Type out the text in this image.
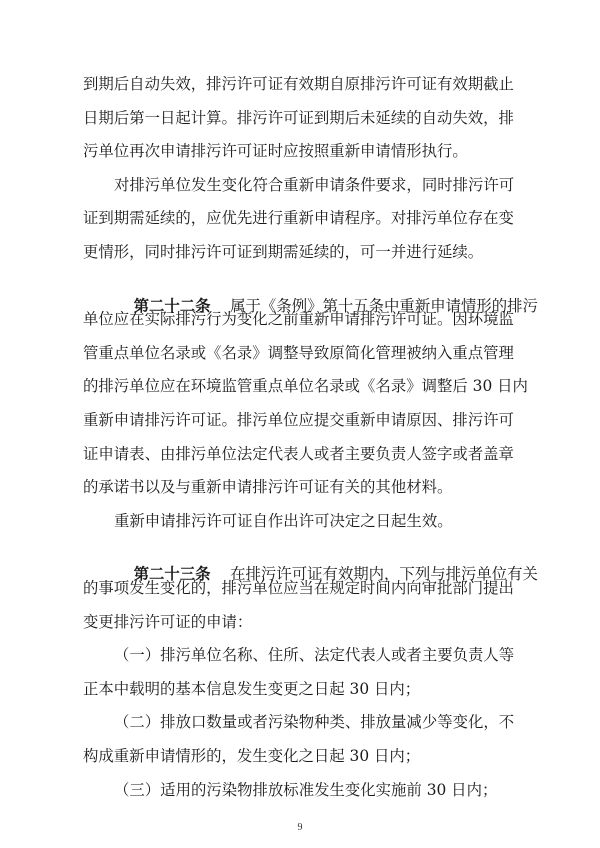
到期后自动失效，排污许可证有效期自原排污许可证有效期截止
日期后第一日起计算。排污许可证到期后未延续的自动失效，排
污单位再次申请排污许可证时应按照重新申请情形执行。
对排污单位发生变化符合重新申请条件要求，同时排污许可
证到期需延续的，应优先进行重新申请程序。对排污单位存在变
更情形，同时排污许可证到期需延续的，可一并进行延续。

第二十二条 属于《条例》第十五条中重新申请情形的排污

单位应在实际排污行为变化之前重新申请排污许可证。因环境监
管重点单位名录或《名录》调整导致原简化管理被纳入重点管理
的排污单位应在环境监管重点单位名录或《名录》调整后 30 日内
重新申请排污许可证。排污单位应提交重新申请原因、排污许可
证申请表、由排污单位法定代表人或者主要负责人签字或者盖章
的承诺书以及与重新申请排污许可证有关的其他材料。
重新申请排污许可证自作出许可决定之日起生效。

第二十三条 在排污许可证有效期内，下列与排污单位有关

的事项发生变化的，排污单位应当在规定时间内向审批部门提出
变更排污许可证的申请：
（一）排污单位名称、住所、法定代表人或者主要负责人等
正本中载明的基本信息发生变更之日起 30 日内；
（二）排放口数量或者污染物种类、排放量减少等变化，不
构成重新申请情形的，发生变化之日起 30 日内；
（三）适用的污染物排放标准发生变化实施前 30 日内；
9
